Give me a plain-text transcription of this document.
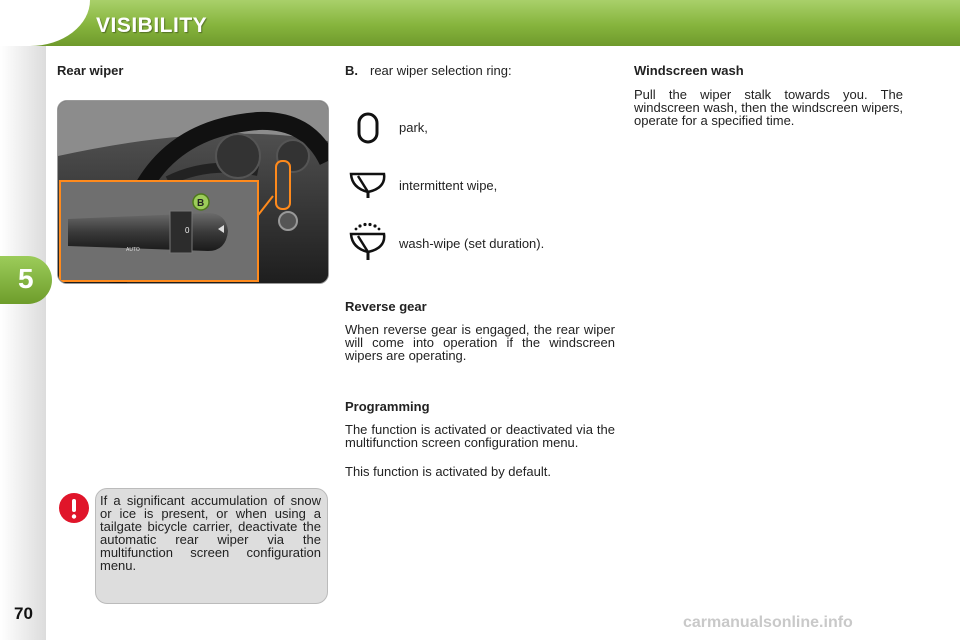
VISIBILITY
5
70
Rear wiper
0
AUTO
B
If a significant accumulation of snow or ice is present, or when using a tailgate bicycle carrier, deactivate the automatic rear wiper via the multifunction screen configuration menu.
B. rear wiper selection ring:
park,
intermittent wipe,
wash-wipe (set duration).
Reverse gear
When reverse gear is engaged, the rear wiper will come into operation if the windscreen wipers are operating.
Programming
The function is activated or deactivated via the multifunction screen configuration menu.
This function is activated by default.
Windscreen wash
Pull the wiper stalk towards you. The windscreen wash, then the windscreen wipers, operate for a specified time.
carmanualsonline.info
